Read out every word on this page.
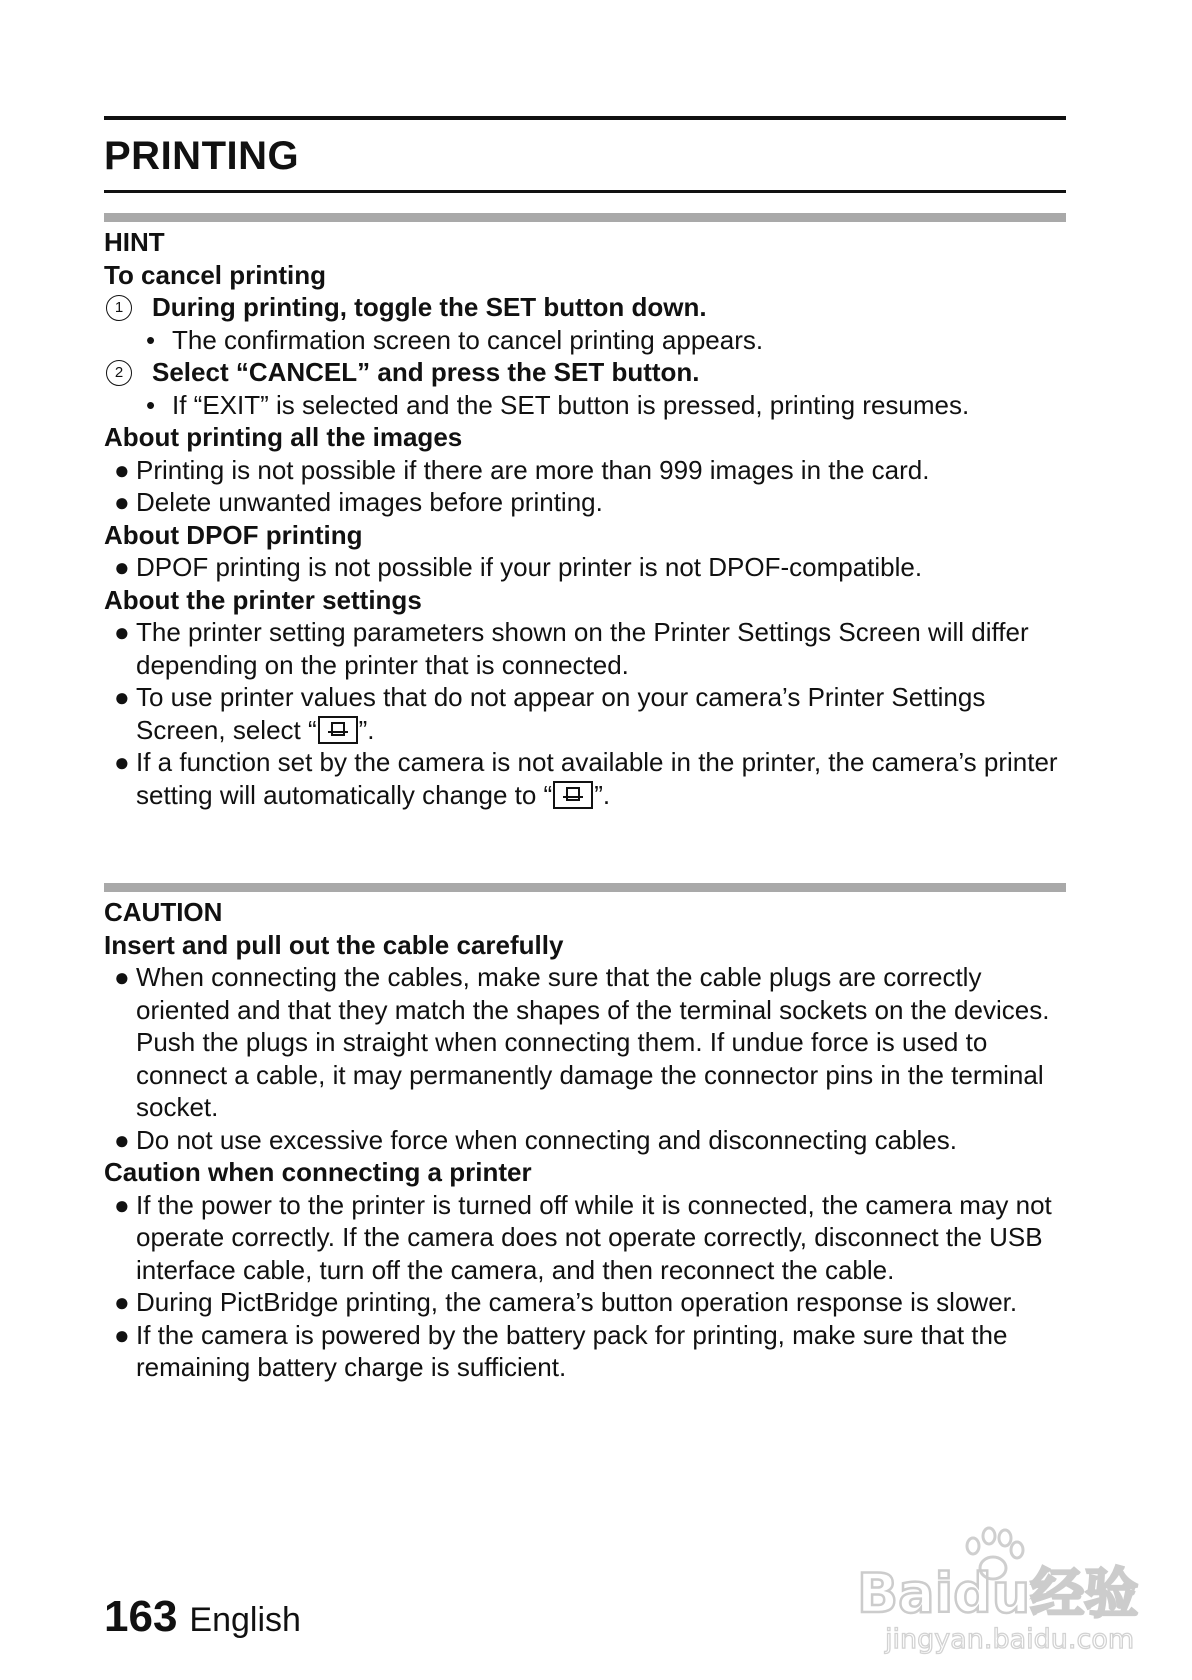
PRINTING
HINT
To cancel printing
1	During printing, toggle the SET button down.
• The confirmation screen to cancel printing appears.
2	Select “CANCEL” and press the SET button.
• If “EXIT” is selected and the SET button is pressed, printing resumes.
About printing all the images
● Printing is not possible if there are more than 999 images in the card.
● Delete unwanted images before printing.
About DPOF printing
● DPOF printing is not possible if your printer is not DPOF-compatible.
About the printer settings
● The printer setting parameters shown on the Printer Settings Screen will differ depending on the printer that is connected.
● To use printer values that do not appear on your camera’s Printer Settings Screen, select “ ”.
● If a function set by the camera is not available in the printer, the camera’s printer setting will automatically change to “ ”.
CAUTION
Insert and pull out the cable carefully
● When connecting the cables, make sure that the cable plugs are correctly oriented and that they match the shapes of the terminal sockets on the devices. Push the plugs in straight when connecting them. If undue force is used to connect a cable, it may permanently damage the connector pins in the terminal socket.
● Do not use excessive force when connecting and disconnecting cables.
Caution when connecting a printer
● If the power to the printer is turned off while it is connected, the camera may not operate correctly. If the camera does not operate correctly, disconnect the USB interface cable, turn off the camera, and then reconnect the cable.
● During PictBridge printing, the camera’s button operation response is slower.
● If the camera is powered by the battery pack for printing, make sure that the remaining battery charge is sufficient.
163 English	Baidu经验
jingyan.baidu.com
